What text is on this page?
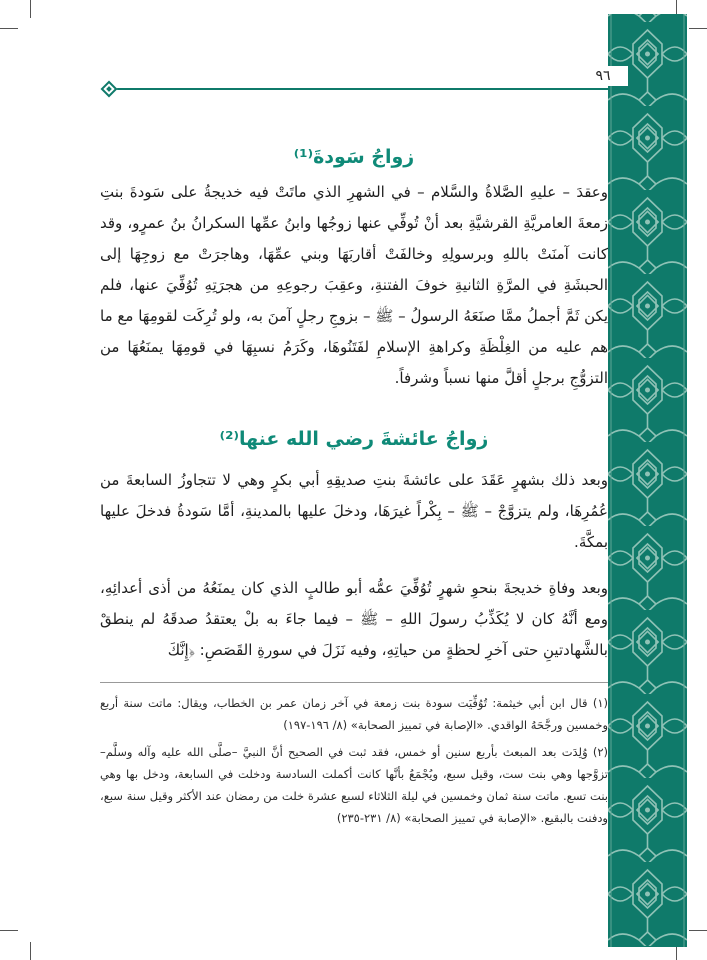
٩٦
زواجُ سَودةَ⁽¹⁾

وعقدَ – عليهِ الصَّلاةُ والسَّلام – في الشهرِ الذي ماتَتْ فيه خديجةُ على سَودةَ بنتِ زمعةَ العامريَّةِ القرشيَّةِ بعد أنْ تُوفِّي عنها زوجُها وابنُ عمِّها السكرانُ بنُ عمرٍو، وقد كانت آمنَتْ باللهِ وبرسولِهِ وخالفَتْ أقاربَهَا وبني عمِّهَا، وهاجرَتْ مع زوجِهَا إلى الحبشَةِ في المرَّةِ الثانيةِ خوفَ الفتنةِ، وعقِبَ رجوعِهِ من هجرَتِهِ تُوُفِّيَ عنها، فلم يكن ثَمَّ أجملُ ممَّا صنَعَهُ الرسولُ – ﷺ – بزوجِ رجلٍ آمنَ به، ولو تُرِكَت لقومِهَا مع ما هم عليه من الغِلْظَةِ وكراهةِ الإسلامِ لفَتَنُوهَا، وكَرَمُ نسبِهَا في قومِهَا يمنَعُهَا من التزوُّجِ برجلٍ أقلَّ منها نسباً وشرفاً.

زواجُ عائشةَ رضي الله عنها⁽²⁾

وبعد ذلك بشهرٍ عَقَدَ على عائشةَ بنتِ صديقِهِ أبي بكرٍ وهي لا تتجاوزُ السابعةَ من عُمُرِهَا، ولم يتزوَّجْ – ﷺ – بِكْراً غيرَهَا، ودخلَ عليها بالمدينةِ، أمَّا سَودةُ فدخلَ عليها بمكَّةَ.

وبعد وفاةِ خديجةَ بنحوِ شهرٍ تُوُفِّيَ عمُّه أبو طالبٍ الذي كان يمنَعُهُ من أذى أعدائِهِ، ومع أنَّهُ كان لا يُكَذِّبُ رسولَ اللهِ – ﷺ – فيما جاءَ به بلْ يعتقدُ صدقَهُ لم ينطقْ بالشَّهادتينِ حتى آخرِ لحظةٍ من حياتِهِ، وفيه نَزَلَ في سورةِ القَصَصِ: ﴿إِنَّكَ

(١) قال ابن أبي خيثمة: تُوُفِّيَت سودة بنت زمعة في آخر زمان عمر بن الخطاب، ويقال: ماتت سنة أربع وخمسين ورجَّحَهُ الواقدي. «الإصابة في تمييز الصحابة» (٨/ ١٩٦-١٩٧)

(٢) وُلِدَت بعد المبعث بأربع سنين أو خمس، فقد ثبت في الصحيح أنَّ النبيَّ –صلَّى الله عليه وآله وسلَّم– تزوَّجها وهي بنت ست، وقيل سبع، ويُجْمَعُ بأنَّها كانت أكملت السادسة ودخلت في السابعة، ودخل بها وهي بنت تسع. ماتت سنة ثمان وخمسين في ليلة الثلاثاء لسبع عشرة خلت من رمضان عند الأكثر وقيل سنة سبع، ودفنت بالبقيع. «الإصابة في تمييز الصحابة» (٨/ ٢٣١-٢٣٥)
